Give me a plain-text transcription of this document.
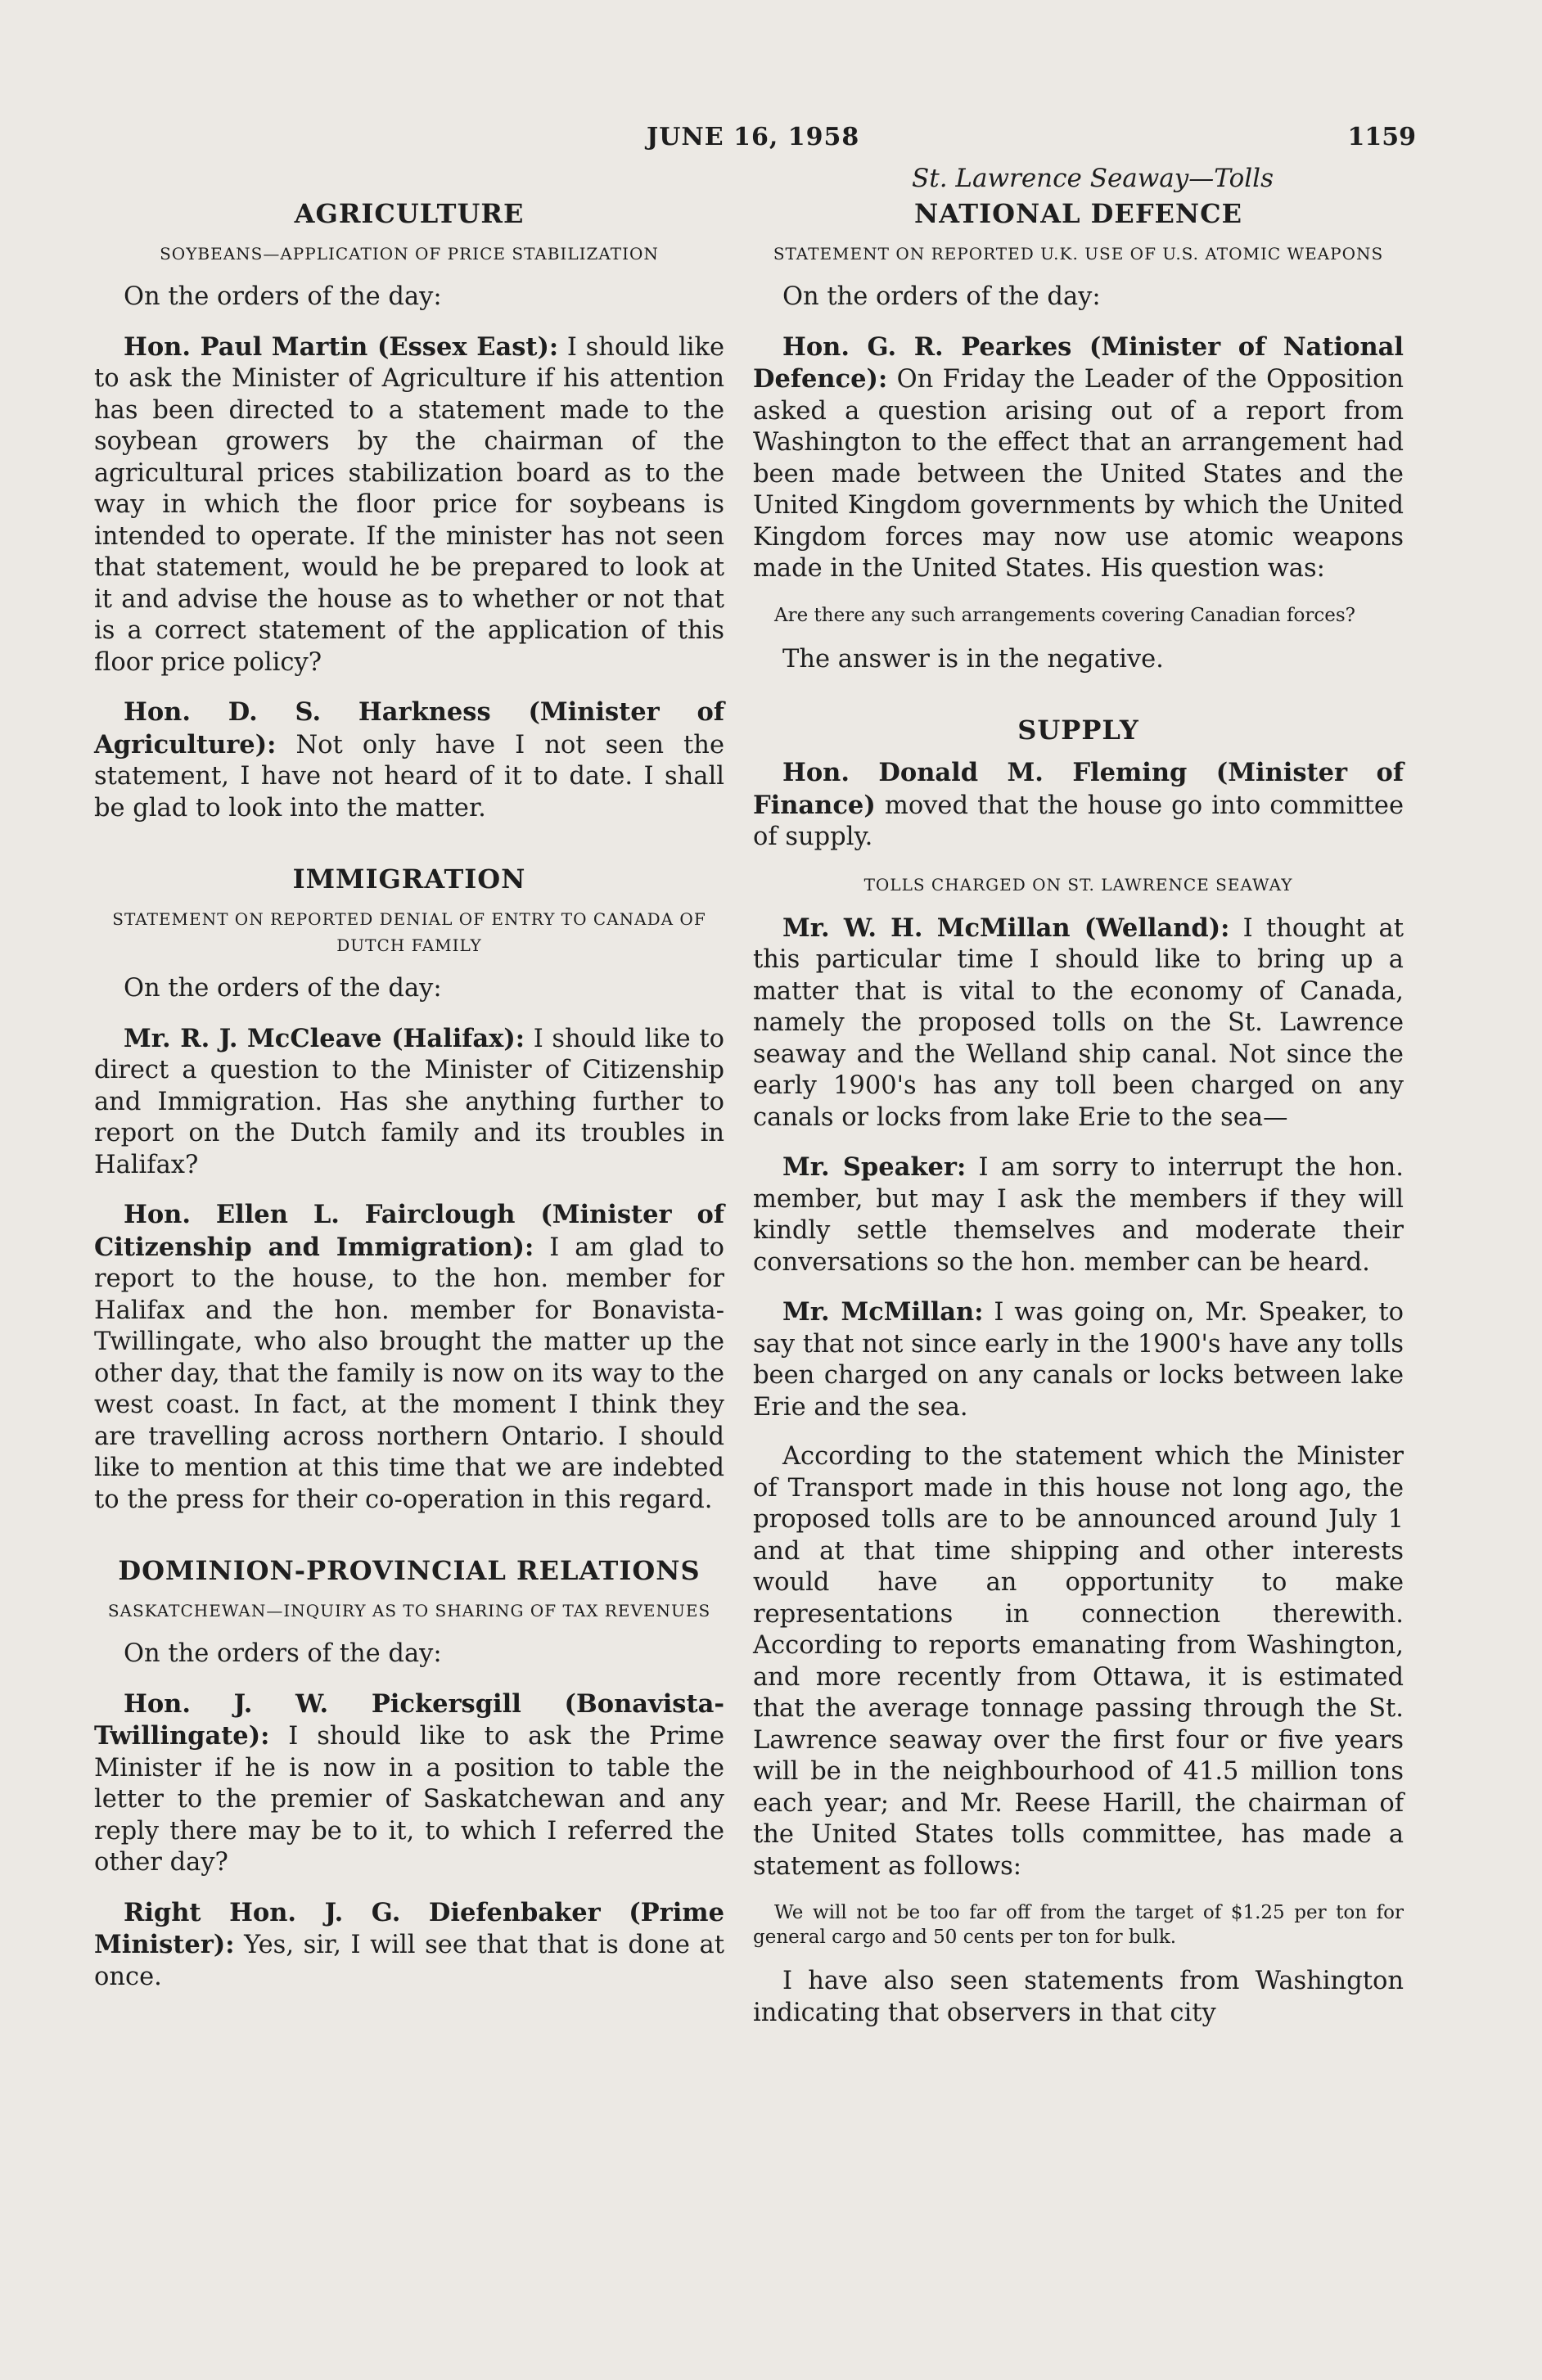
JUNE 16, 1958	1159
St. Lawrence Seaway—Tolls
AGRICULTURE
SOYBEANS—APPLICATION OF PRICE STABILIZATION

On the orders of the day:

Hon. Paul Martin (Essex East): I should like to ask the Minister of Agriculture if his attention has been directed to a statement made to the soybean growers by the chairman of the agricultural prices stabilization board as to the way in which the floor price for soybeans is intended to operate. If the minister has not seen that statement, would he be prepared to look at it and advise the house as to whether or not that is a correct statement of the application of this floor price policy?

Hon. D. S. Harkness (Minister of Agriculture): Not only have I not seen the statement, I have not heard of it to date. I shall be glad to look into the matter.

IMMIGRATION
STATEMENT ON REPORTED DENIAL OF ENTRY TO CANADA OF DUTCH FAMILY

On the orders of the day:

Mr. R. J. McCleave (Halifax): I should like to direct a question to the Minister of Citizenship and Immigration. Has she anything further to report on the Dutch family and its troubles in Halifax?

Hon. Ellen L. Fairclough (Minister of Citizenship and Immigration): I am glad to report to the house, to the hon. member for Halifax and the hon. member for Bonavista-Twillingate, who also brought the matter up the other day, that the family is now on its way to the west coast. In fact, at the moment I think they are travelling across northern Ontario. I should like to mention at this time that we are indebted to the press for their co-operation in this regard.

DOMINION-PROVINCIAL RELATIONS
SASKATCHEWAN—INQUIRY AS TO SHARING OF TAX REVENUES

On the orders of the day:

Hon. J. W. Pickersgill (Bonavista-Twillingate): I should like to ask the Prime Minister if he is now in a position to table the letter to the premier of Saskatchewan and any reply there may be to it, to which I referred the other day?

Right Hon. J. G. Diefenbaker (Prime Minister): Yes, sir, I will see that that is done at once.

NATIONAL DEFENCE
STATEMENT ON REPORTED U.K. USE OF U.S. ATOMIC WEAPONS

On the orders of the day:

Hon. G. R. Pearkes (Minister of National Defence): On Friday the Leader of the Opposition asked a question arising out of a report from Washington to the effect that an arrangement had been made between the United States and the United Kingdom governments by which the United Kingdom forces may now use atomic weapons made in the United States. His question was:

Are there any such arrangements covering Canadian forces?

The answer is in the negative.

SUPPLY

Hon. Donald M. Fleming (Minister of Finance) moved that the house go into committee of supply.

TOLLS CHARGED ON ST. LAWRENCE SEAWAY

Mr. W. H. McMillan (Welland): I thought at this particular time I should like to bring up a matter that is vital to the economy of Canada, namely the proposed tolls on the St. Lawrence seaway and the Welland ship canal. Not since the early 1900's has any toll been charged on any canals or locks from lake Erie to the sea—

Mr. Speaker: I am sorry to interrupt the hon. member, but may I ask the members if they will kindly settle themselves and moderate their conversations so the hon. member can be heard.

Mr. McMillan: I was going on, Mr. Speaker, to say that not since early in the 1900's have any tolls been charged on any canals or locks between lake Erie and the sea.

According to the statement which the Minister of Transport made in this house not long ago, the proposed tolls are to be announced around July 1 and at that time shipping and other interests would have an opportunity to make representations in connection therewith. According to reports emanating from Washington, and more recently from Ottawa, it is estimated that the average tonnage passing through the St. Lawrence seaway over the first four or five years will be in the neighbourhood of 41.5 million tons each year; and Mr. Reese Harill, the chairman of the United States tolls committee, has made a statement as follows:

We will not be too far off from the target of $1.25 per ton for general cargo and 50 cents per ton for bulk.

I have also seen statements from Washington indicating that observers in that city
